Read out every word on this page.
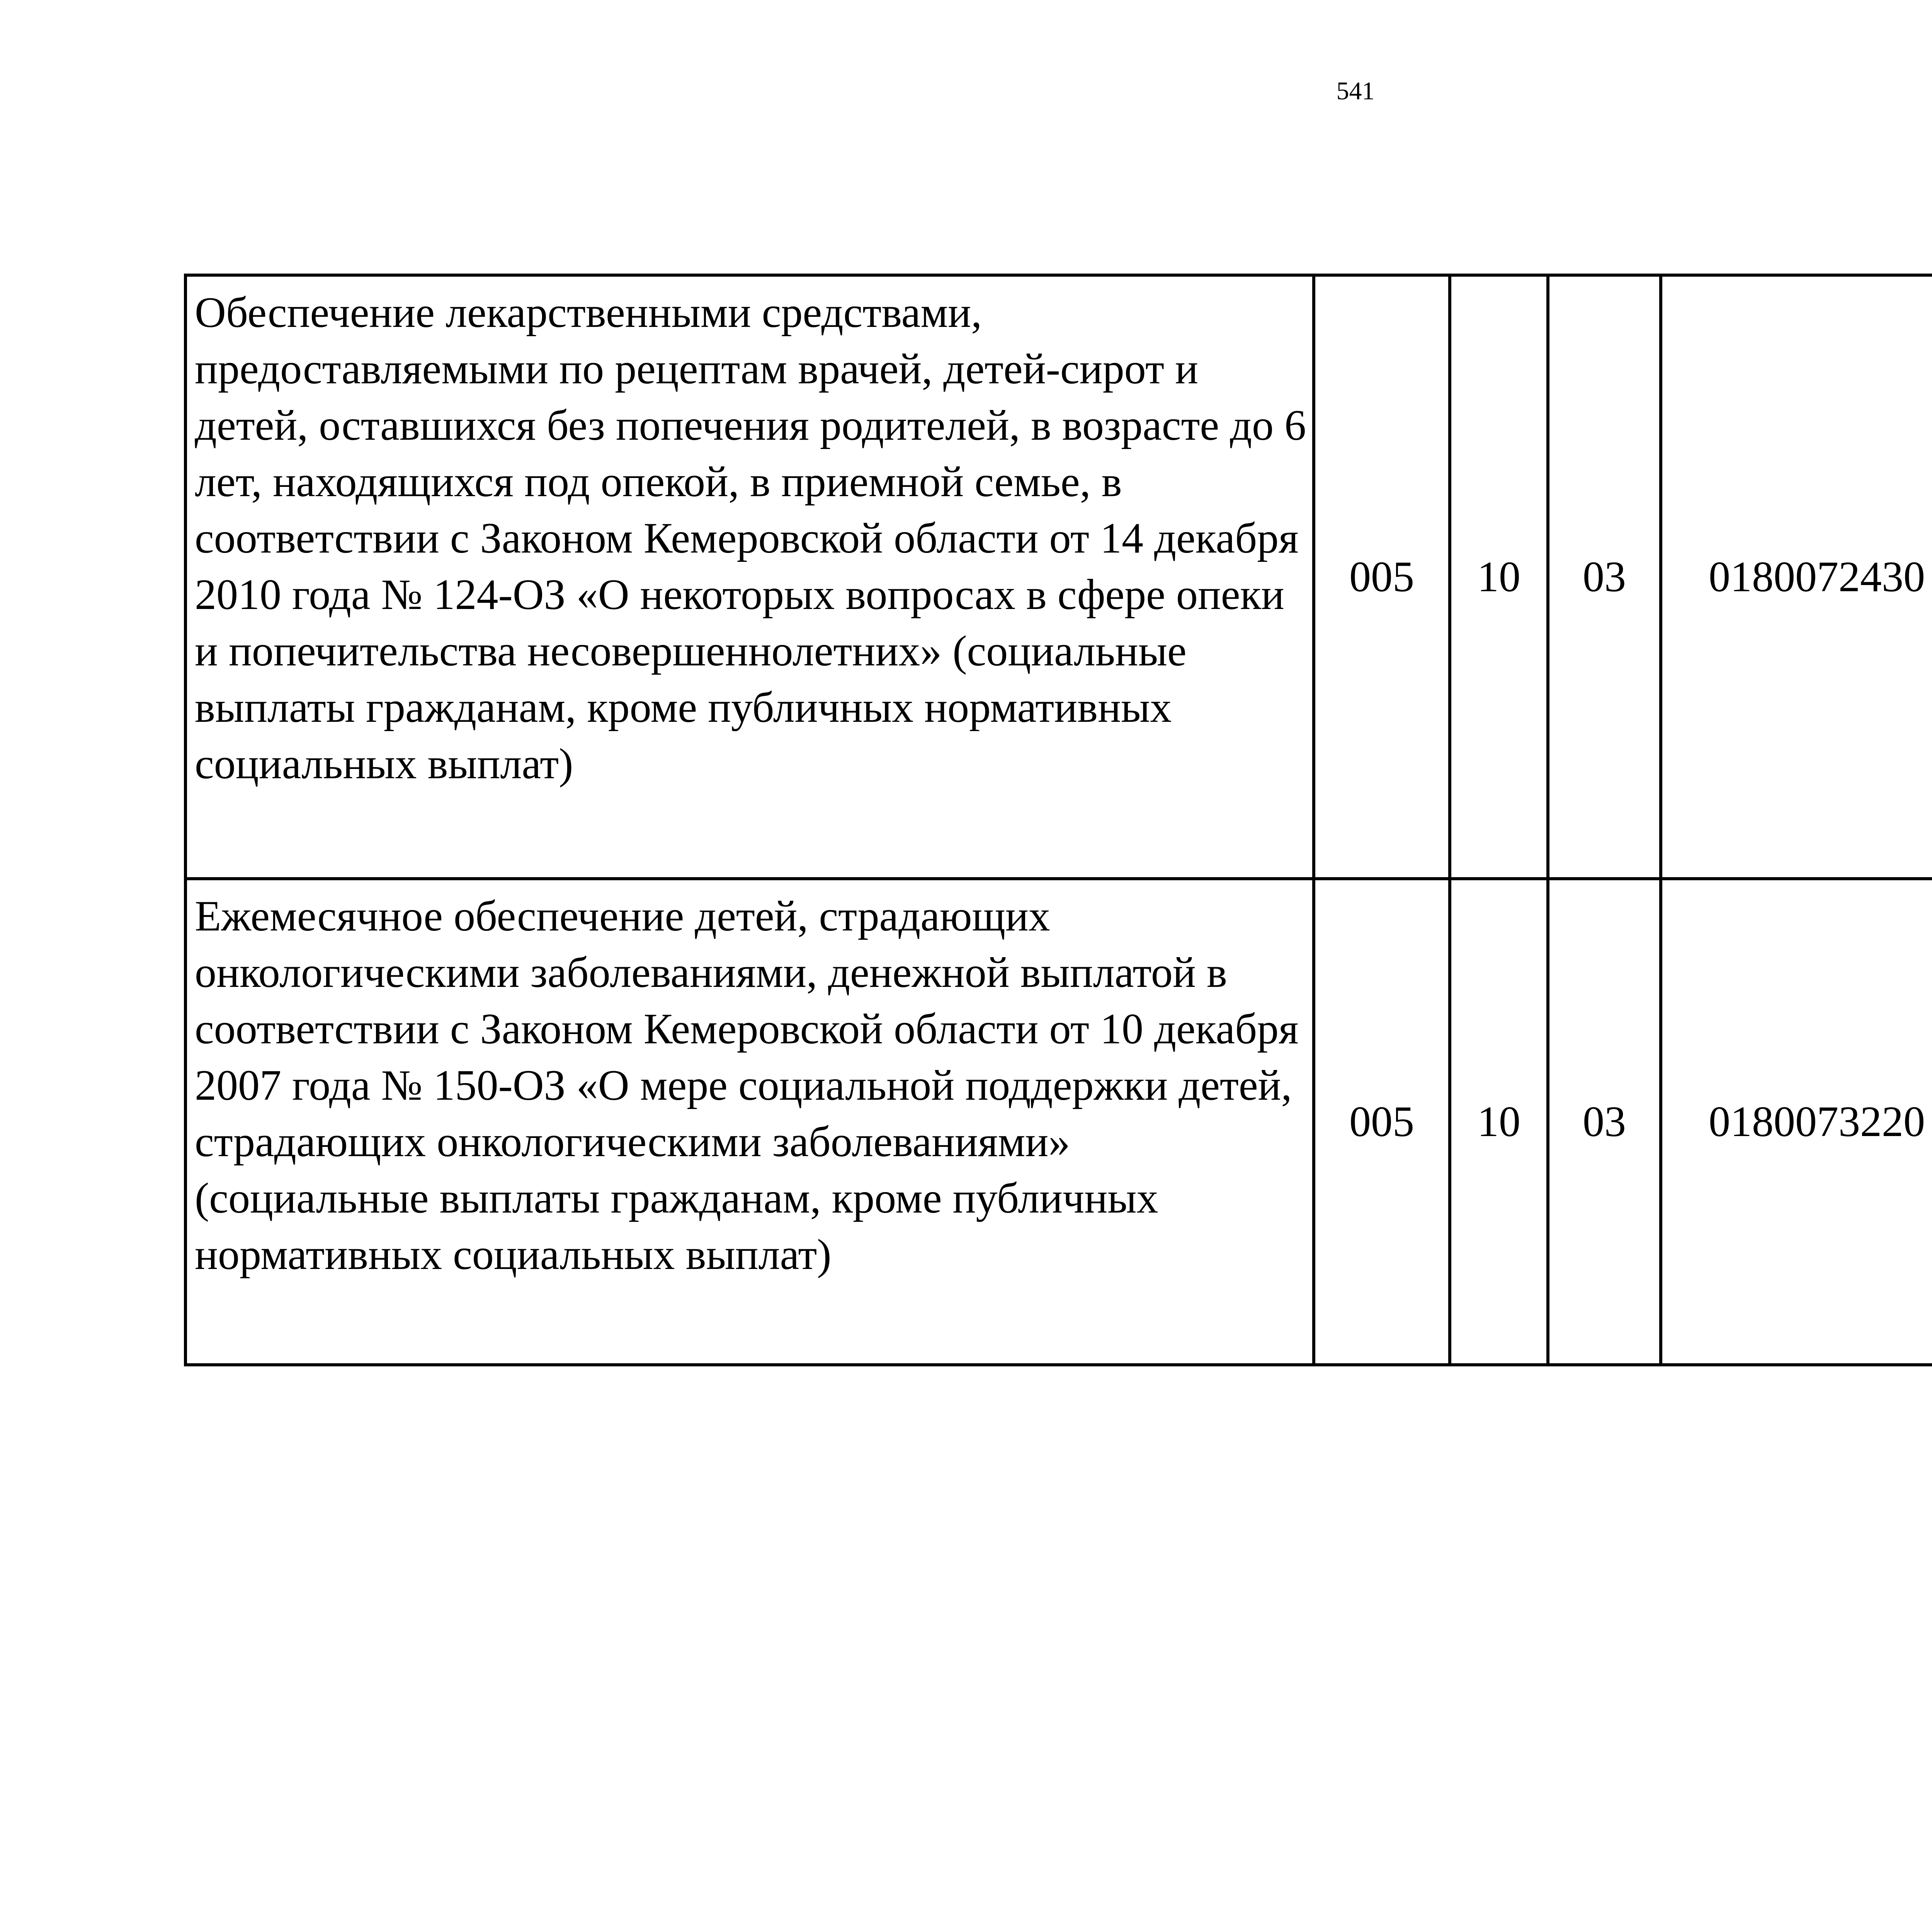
541
Обеспечение лекарственными средствами, предоставляемыми по рецептам врачей, детей-сирот и детей, оставшихся без попечения родителей, в возрасте до 6 лет, находящихся под опекой, в приемной семье, в соответствии с Законом Кемеровской области от 14 декабря 2010 года № 124-ОЗ «О некоторых вопросах в сфере опеки и попечительства несовершеннолетних» (социальные выплаты гражданам, кроме публичных нормативных социальных выплат)	005	10	03	0180072430		
Ежемесячное обеспечение детей, страдающих онкологическими заболеваниями, денежной выплатой в соответствии с Законом Кемеровской области от 10 декабря 2007 года № 150-ОЗ «О мере социальной поддержки детей, страдающих онкологическими заболеваниями» (социальные выплаты гражданам, кроме публичных нормативных социальных выплат)	005	10	03	0180073220		
